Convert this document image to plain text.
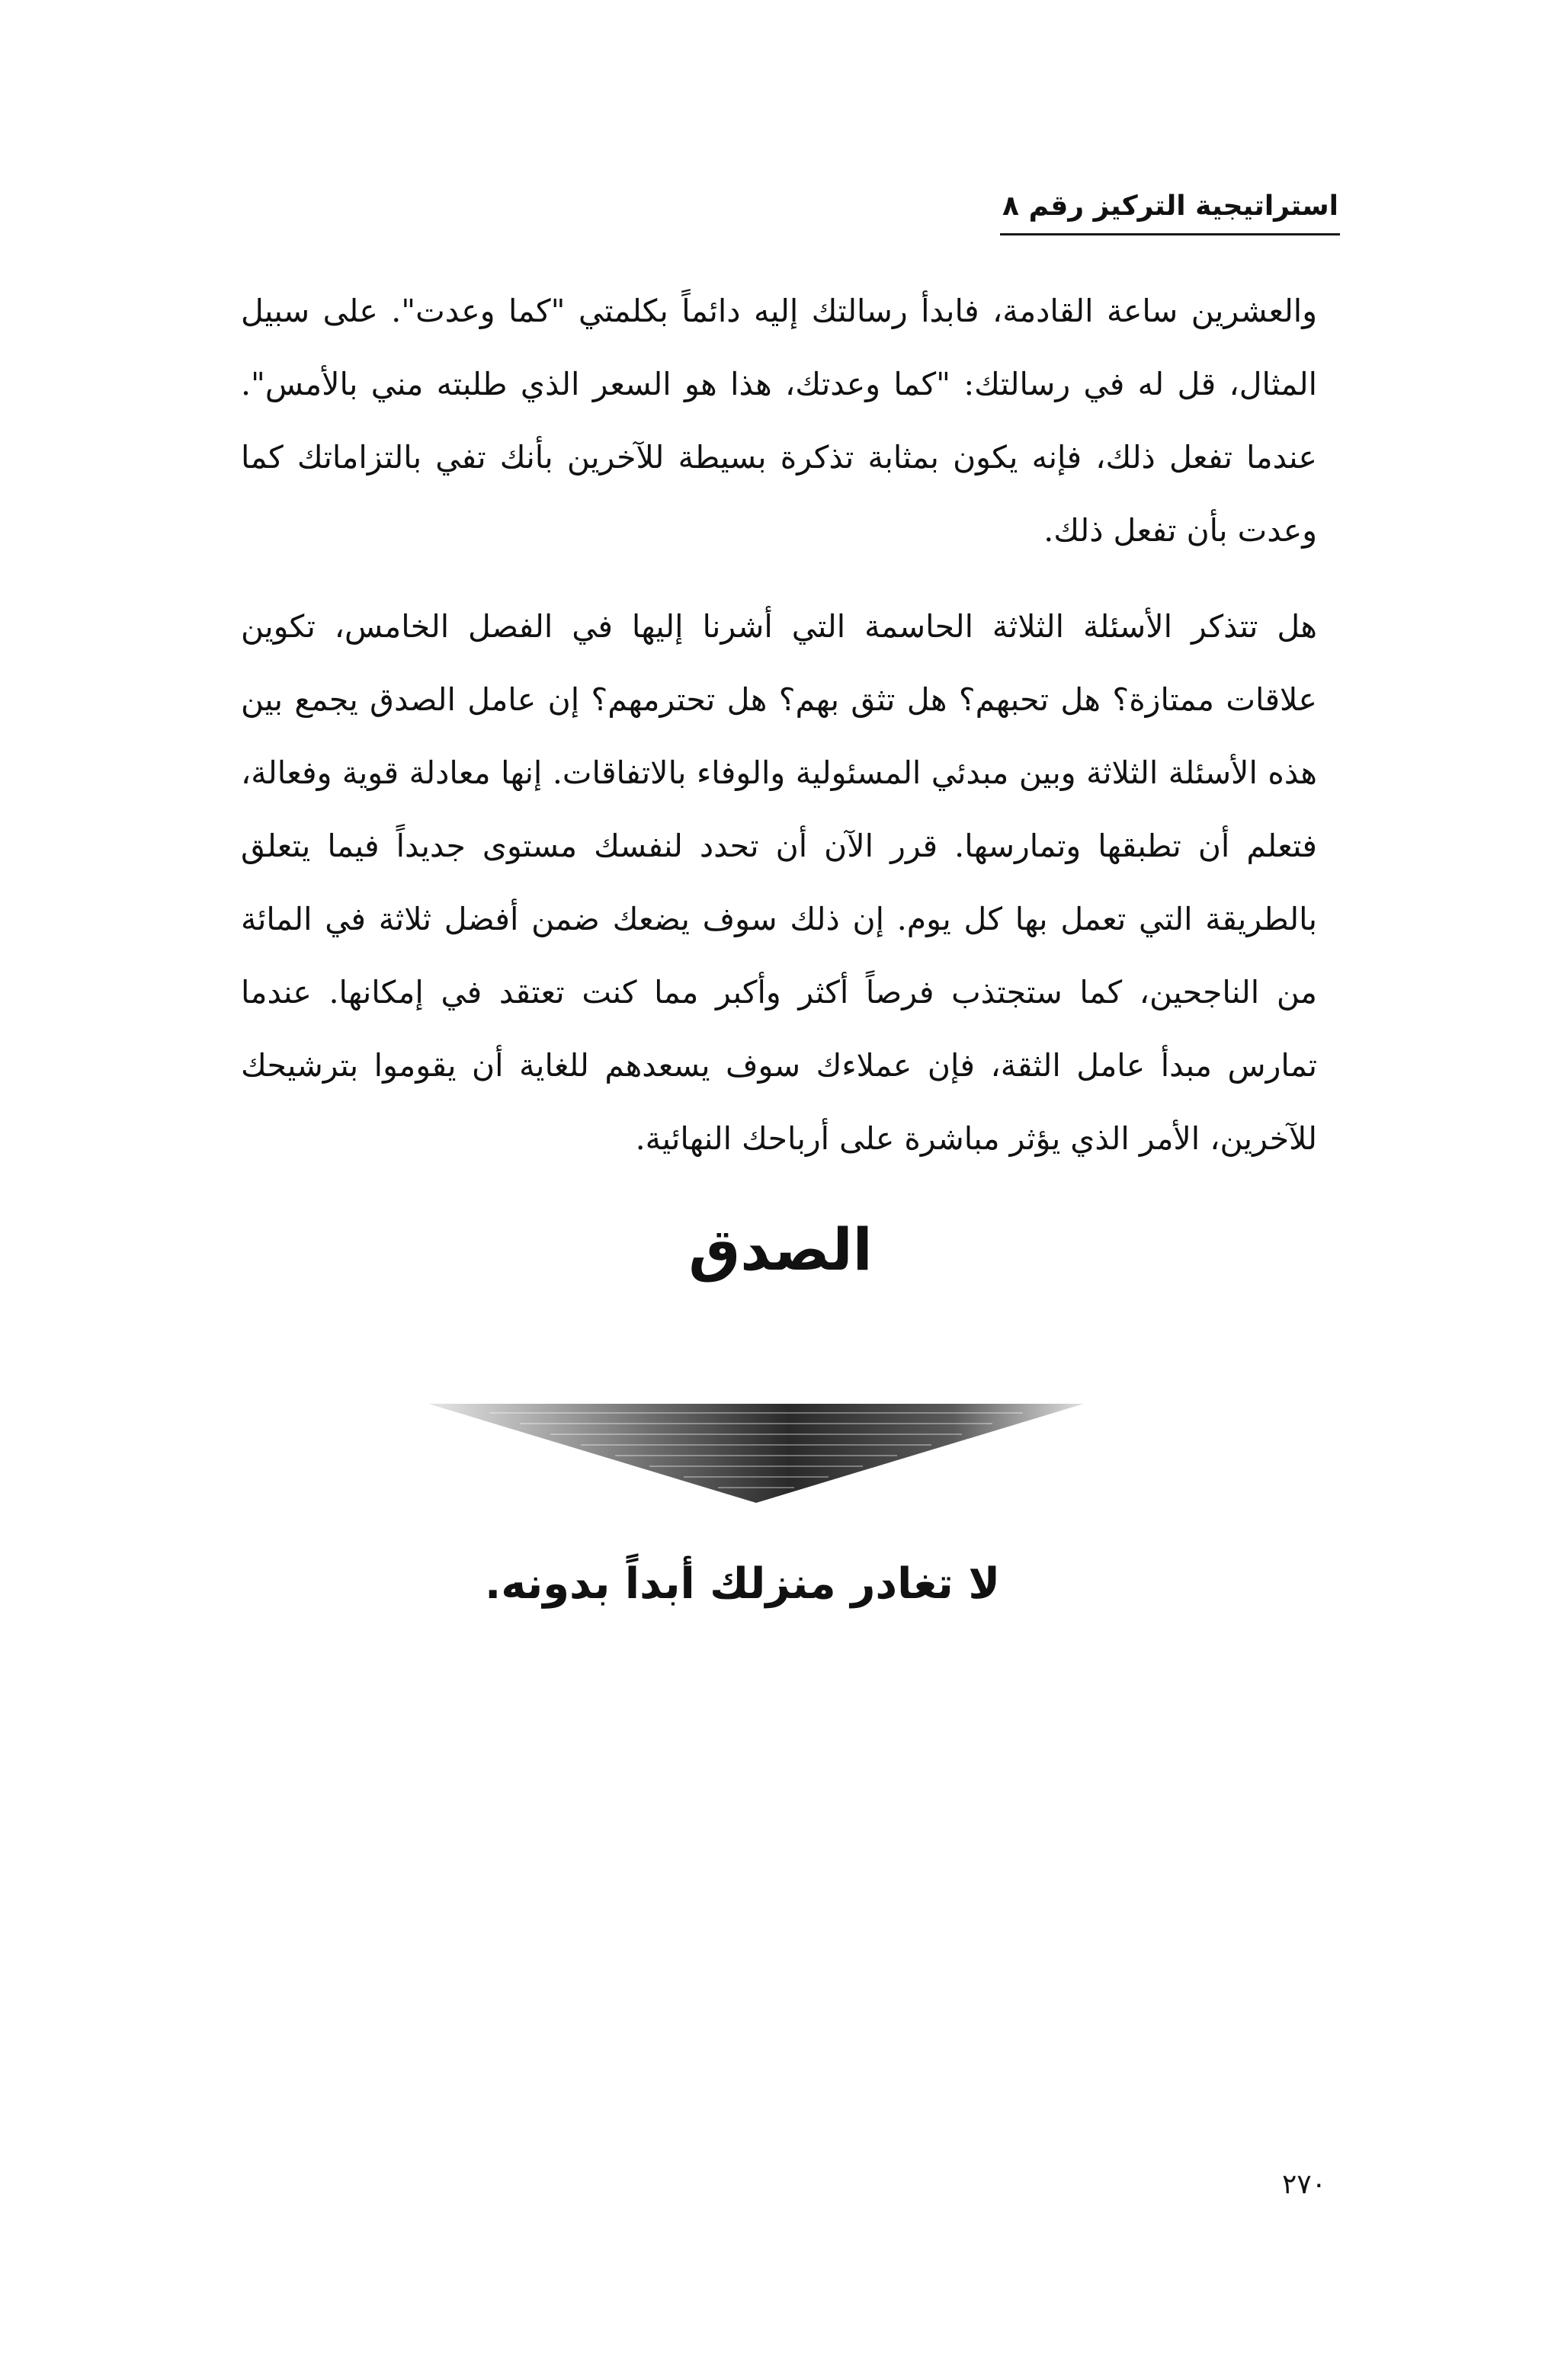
استراتيجية التركيز رقم ٨

والعشرين ساعة القادمة، فابدأ رسالتك إليه دائماً بكلمتي "كما وعدت". على سبيل المثال، قل له في رسالتك: "كما وعدتك، هذا هو السعر الذي طلبته مني بالأمس". عندما تفعل ذلك، فإنه يكون بمثابة تذكرة بسيطة للآخرين بأنك تفي بالتزاماتك كما وعدت بأن تفعل ذلك.

هل تتذكر الأسئلة الثلاثة الحاسمة التي أشرنا إليها في الفصل الخامس، تكوين علاقات ممتازة؟ هل تحبهم؟ هل تثق بهم؟ هل تحترمهم؟ إن عامل الصدق يجمع بين هذه الأسئلة الثلاثة وبين مبدئي المسئولية والوفاء بالاتفاقات. إنها معادلة قوية وفعالة، فتعلم أن تطبقها وتمارسها. قرر الآن أن تحدد لنفسك مستوى جديداً فيما يتعلق بالطريقة التي تعمل بها كل يوم. إن ذلك سوف يضعك ضمن أفضل ثلاثة في المائة من الناجحين، كما ستجتذب فرصاً أكثر وأكبر مما كنت تعتقد في إمكانها. عندما تمارس مبدأ عامل الثقة، فإن عملاءك سوف يسعدهم للغاية أن يقوموا بترشيحك للآخرين، الأمر الذي يؤثر مباشرة على أرباحك النهائية.

الصدق
لا تغادر منزلك أبداً بدونه.
٢٧٠
